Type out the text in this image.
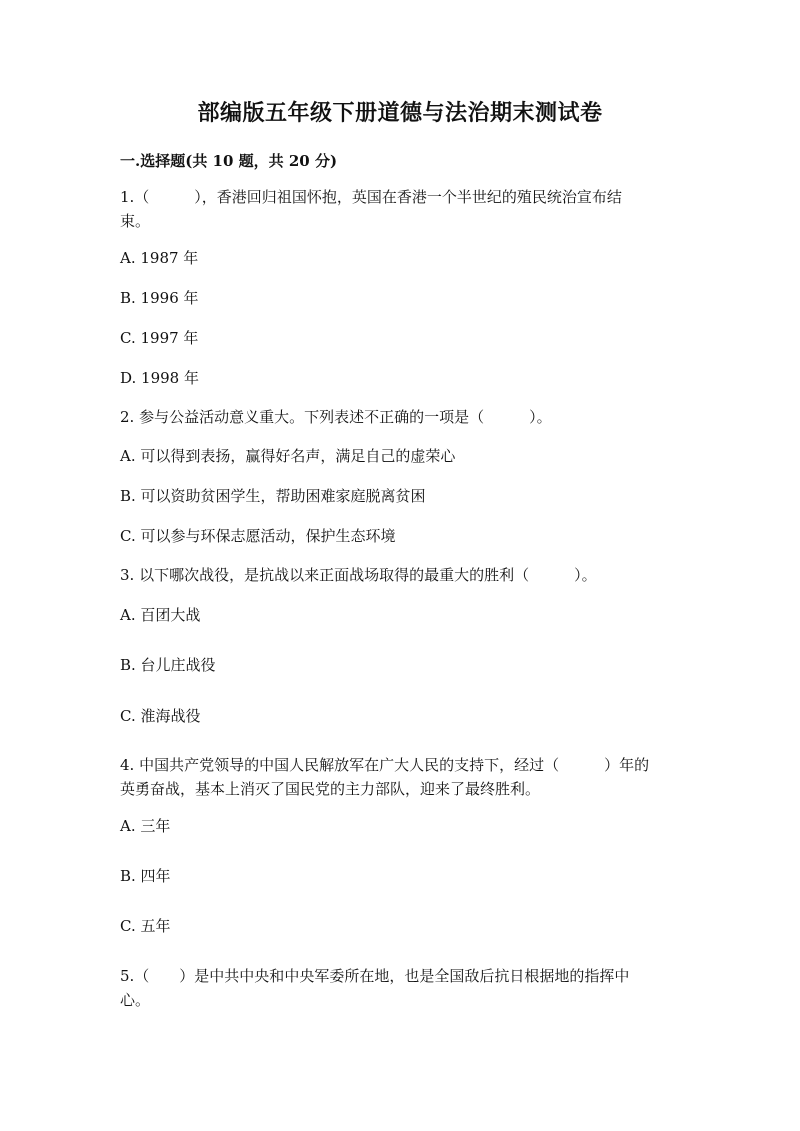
部编版五年级下册道德与法治期末测试卷
一.选择题(共 10 题，共 20 分)
1.（　　　），香港回归祖国怀抱，英国在香港一个半世纪的殖民统治宣布结
束。
A. 1987 年
B. 1996 年
C. 1997 年
D. 1998 年
2. 参与公益活动意义重大。下列表述不正确的一项是（　　　）。
A. 可以得到表扬，赢得好名声，满足自己的虚荣心
B. 可以资助贫困学生，帮助困难家庭脱离贫困
C. 可以参与环保志愿活动，保护生态环境
3. 以下哪次战役，是抗战以来正面战场取得的最重大的胜利（　　　）。
A. 百团大战
B. 台儿庄战役
C. 淮海战役
4. 中国共产党领导的中国人民解放军在广大人民的支持下，经过（　　　）年的
英勇奋战，基本上消灭了国民党的主力部队，迎来了最终胜利。
A. 三年
B. 四年
C. 五年
5.（　　）是中共中央和中央军委所在地，也是全国敌后抗日根据地的指挥中
心。
